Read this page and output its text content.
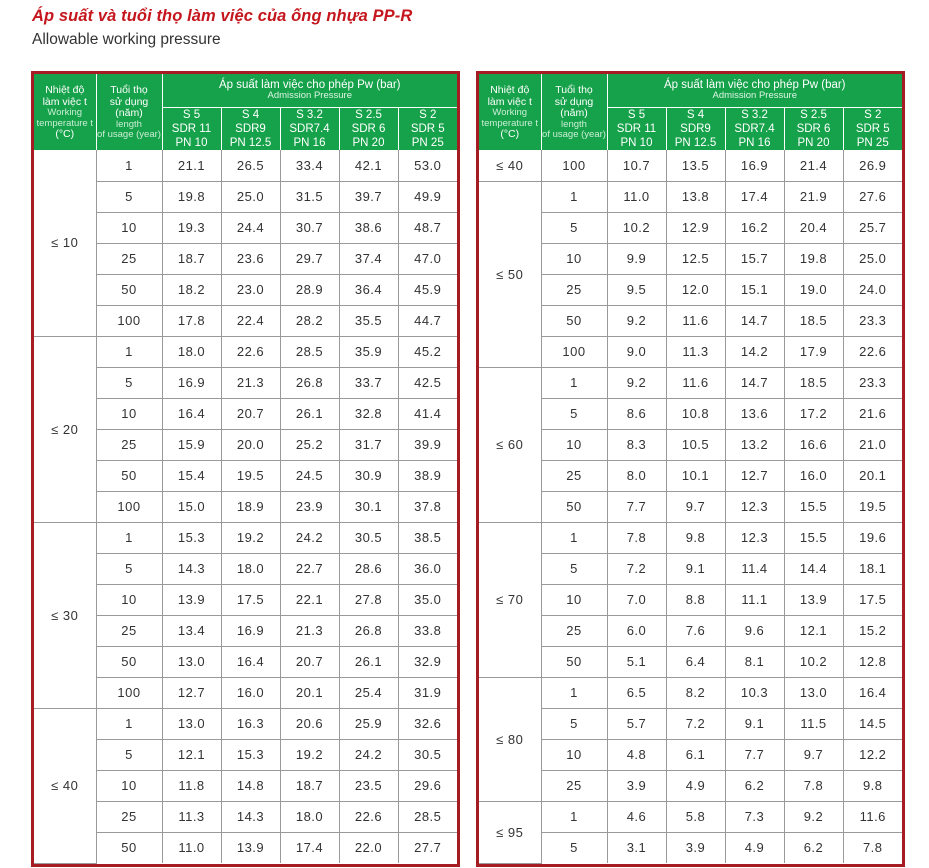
Áp suất và tuổi thọ làm việc của ống nhựa PP-R
Allowable working pressure
Nhiệt độ
làm việc t
Working
temperature t
(°C)	Tuổi thọ
sử dụng
(năm)
length
of usage (year)	Áp suất làm việc cho phép Pw (bar)
Admission Pressure				

		S 5	S 4	S 3.2	S 2.5	S 2
		SDR 11	SDR9	SDR7.4	SDR 6	SDR 5
		PN 10	PN 12.5	PN 16	PN 20	PN 25
≤ 10	1	21.1	26.5	33.4	42.1	53.0
	5	19.8	25.0	31.5	39.7	49.9
	10	19.3	24.4	30.7	38.6	48.7
	25	18.7	23.6	29.7	37.4	47.0
	50	18.2	23.0	28.9	36.4	45.9
	100	17.8	22.4	28.2	35.5	44.7
≤ 20	1	18.0	22.6	28.5	35.9	45.2
	5	16.9	21.3	26.8	33.7	42.5
	10	16.4	20.7	26.1	32.8	41.4
	25	15.9	20.0	25.2	31.7	39.9
	50	15.4	19.5	24.5	30.9	38.9
	100	15.0	18.9	23.9	30.1	37.8
≤ 30	1	15.3	19.2	24.2	30.5	38.5
	5	14.3	18.0	22.7	28.6	36.0
	10	13.9	17.5	22.1	27.8	35.0
	25	13.4	16.9	21.3	26.8	33.8
	50	13.0	16.4	20.7	26.1	32.9
	100	12.7	16.0	20.1	25.4	31.9
≤ 40	1	13.0	16.3	20.6	25.9	32.6
	5	12.1	15.3	19.2	24.2	30.5
	10	11.8	14.8	18.7	23.5	29.6
	25	11.3	14.3	18.0	22.6	28.5
	50	11.0	13.9	17.4	22.0	27.7
Nhiệt độ
làm việc t
Working
temperature t
(°C)	Tuổi thọ
sử dụng
(năm)
length
of usage (year)	Áp suất làm việc cho phép Pw (bar)
Admission Pressure				

		S 5	S 4	S 3.2	S 2.5	S 2
		SDR 11	SDR9	SDR7.4	SDR 6	SDR 5
		PN 10	PN 12.5	PN 16	PN 20	PN 25
≤ 40	100	10.7	13.5	16.9	21.4	26.9
≤ 50	1	11.0	13.8	17.4	21.9	27.6
	5	10.2	12.9	16.2	20.4	25.7
	10	9.9	12.5	15.7	19.8	25.0
	25	9.5	12.0	15.1	19.0	24.0
	50	9.2	11.6	14.7	18.5	23.3
	100	9.0	11.3	14.2	17.9	22.6
≤ 60	1	9.2	11.6	14.7	18.5	23.3
	5	8.6	10.8	13.6	17.2	21.6
	10	8.3	10.5	13.2	16.6	21.0
	25	8.0	10.1	12.7	16.0	20.1
	50	7.7	9.7	12.3	15.5	19.5
≤ 70	1	7.8	9.8	12.3	15.5	19.6
	5	7.2	9.1	11.4	14.4	18.1
	10	7.0	8.8	11.1	13.9	17.5
	25	6.0	7.6	9.6	12.1	15.2
	50	5.1	6.4	8.1	10.2	12.8
≤ 80	1	6.5	8.2	10.3	13.0	16.4
	5	5.7	7.2	9.1	11.5	14.5
	10	4.8	6.1	7.7	9.7	12.2
	25	3.9	4.9	6.2	7.8	9.8
≤ 95	1	4.6	5.8	7.3	9.2	11.6
	5	3.1	3.9	4.9	6.2	7.8
